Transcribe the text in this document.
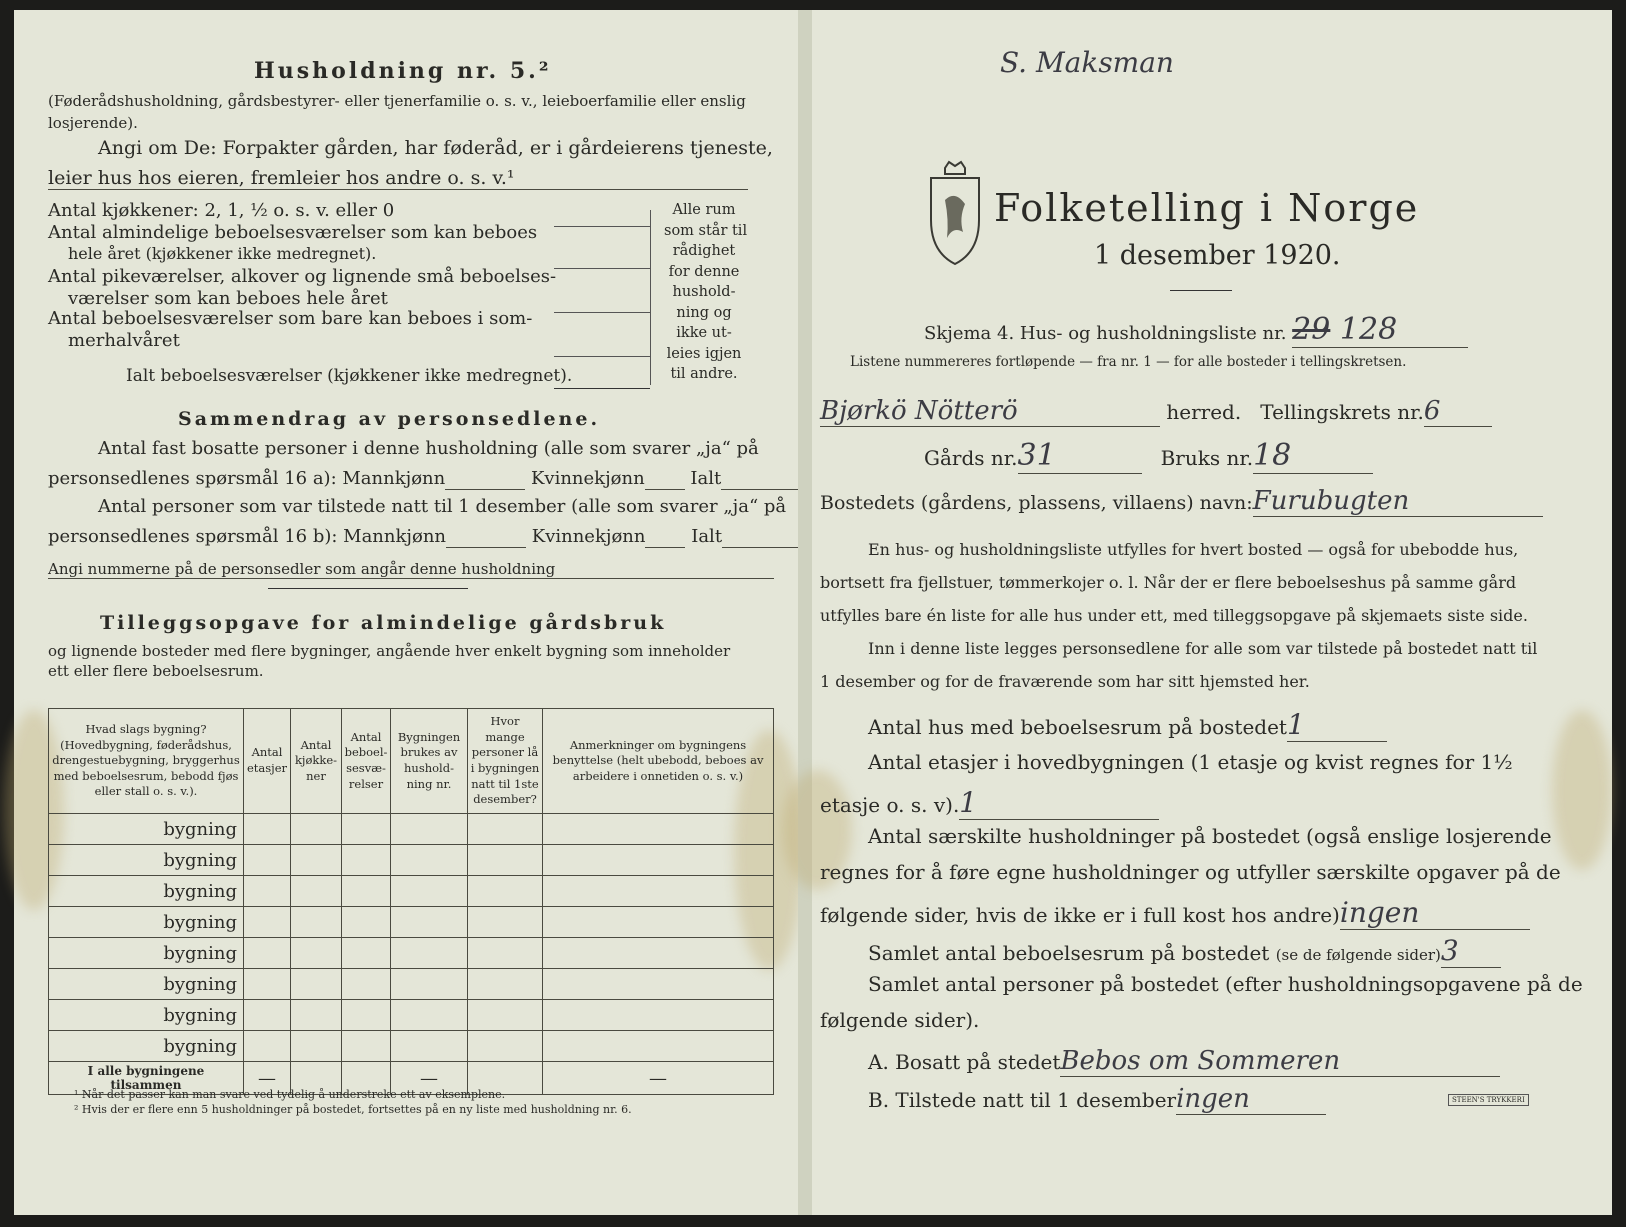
Husholdning nr. 5.²
(Føderådshusholdning, gårdsbestyrer- eller tjenerfamilie o. s. v., leieboerfamilie eller enslig losjerende).
Angi om De: Forpakter gården, har føderåd, er i gårdeierens tjeneste,
leier hus hos eieren, fremleier hos andre o. s. v.¹
Antal kjøkkener: 2, 1, ½ o. s. v. eller 0
Antal almindelige beboelsesværelser som kan beboes
hele året (kjøkkener ikke medregnet).
Antal pikeværelser, alkover og lignende små beboelses-
værelser som kan beboes hele året
Antal beboelsesværelser som bare kan beboes i som-
merhalvåret
Ialt beboelsesværelser (kjøkkener ikke medregnet).
Alle rum
som står til
rådighet
for denne
hushold-
ning og
ikke ut-
leies igjen
til andre.
Sammendrag av personsedlene.
Antal fast bosatte personer i denne husholdning (alle som svarer „ja“ på
personsedlenes spørsmål 16 a): Mannkjønn	Kvinnekjønn	Ialt
Antal personer som var tilstede natt til 1 desember (alle som svarer „ja“ på
personsedlenes spørsmål 16 b): Mannkjønn	Kvinnekjønn	Ialt
Angi nummerne på de personsedler som angår denne husholdning
Tilleggsopgave for almindelige gårdsbruk
og lignende bosteder med flere bygninger, angående hver enkelt bygning som inneholder
ett eller flere beboelsesrum.
Hvad slags bygning? (Hovedbygning, føderådshus, drengestuebygning, bryggerhus med beboelsesrum, bebodd fjøs eller stall o. s. v.).	Antal etasjer	Antal kjøkke-ner	Antal beboel-sesvæ-relser	Bygningen brukes av hushold-ning nr.	Hvor mange personer lå i bygningen natt til 1ste desember?	Anmerkninger om bygningens benyttelse (helt ubebodd, beboes av arbeidere i onnetiden o. s. v.)
bygning						
bygning						
bygning						
bygning						
bygning						
bygning						
bygning						
bygning						
I alle bygningene tilsammen	—			—		—
¹ Når det passer kan man svare ved tydelig å understreke ett av eksemplene.
² Hvis der er flere enn 5 husholdninger på bostedet, fortsettes på en ny liste med husholdning nr. 6.
S. Maksman
Folketelling i Norge
1 desember 1920.
Skjema 4. Hus- og husholdningsliste nr. 29 128
Listene nummereres fortløpende — fra nr. 1 — for alle bosteder i tellingskretsen.
Bjørkö Nötterö	herred. Tellingskrets nr.6
Gårds nr.31	Bruks nr.18
Bostedets (gårdens, plassens, villaens) navn:Furubugten
En hus- og husholdningsliste utfylles for hvert bosted — også for ubebodde hus,
bortsett fra fjellstuer, tømmerkojer o. l. Når der er flere beboelseshus på samme gård
utfylles bare én liste for alle hus under ett, med tilleggsopgave på skjemaets siste side.
Inn i denne liste legges personsedlene for alle som var tilstede på bostedet natt til
1 desember og for de fraværende som har sitt hjemsted her.
Antal hus med beboelsesrum på bostedet1
Antal etasjer i hovedbygningen (1 etasje og kvist regnes for 1½
etasje o. s. v).1
Antal særskilte husholdninger på bostedet (også enslige losjerende
regnes for å føre egne husholdninger og utfyller særskilte opgaver på de
følgende sider, hvis de ikke er i full kost hos andre)ingen
Samlet antal beboelsesrum på bostedet (se de følgende sider)3
Samlet antal personer på bostedet (efter husholdningsopgavene på de
følgende sider).
A. Bosatt på stedetBebos om Sommeren
B. Tilstede natt til 1 desemberingen	STEEN'S TRYKKERI
